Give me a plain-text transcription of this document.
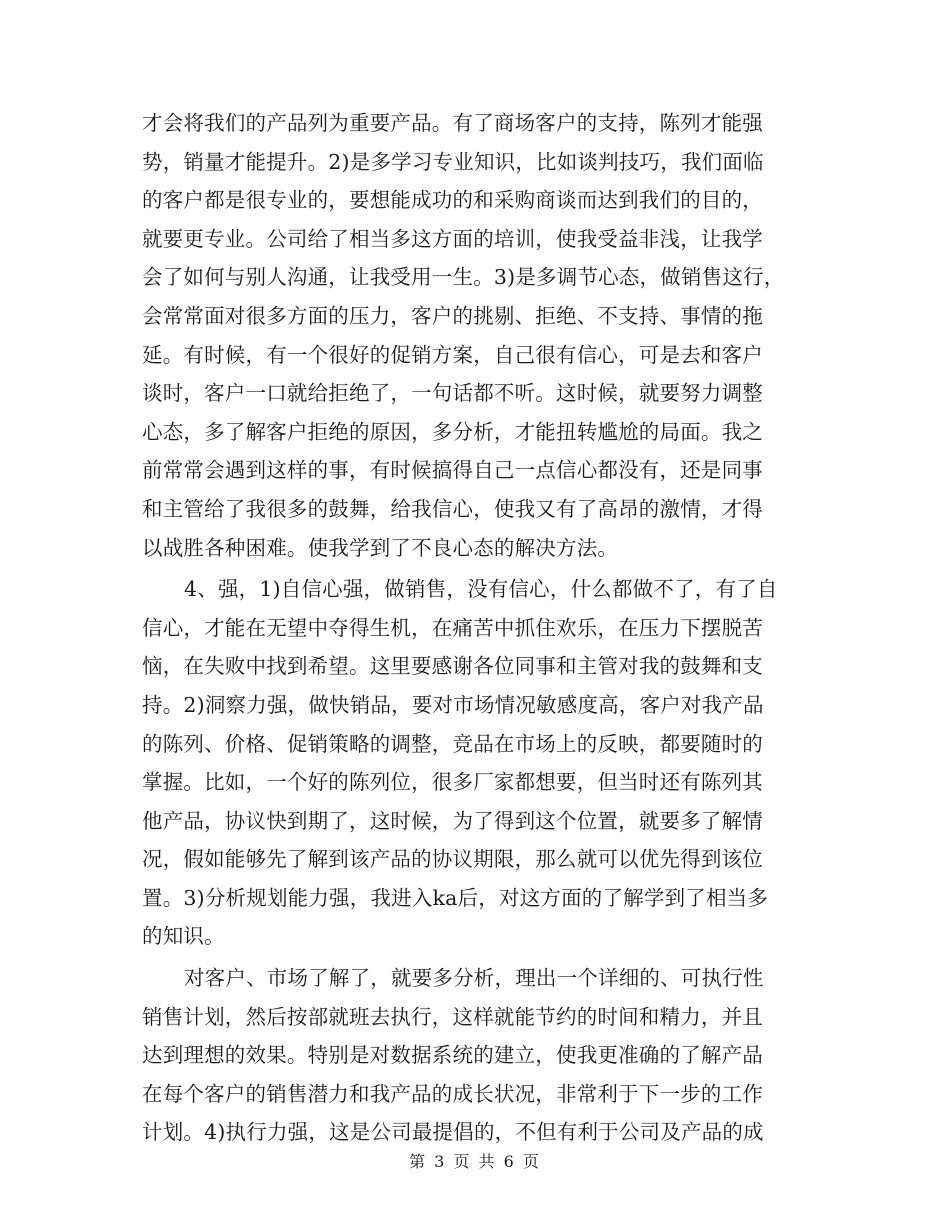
才会将我们的产品列为重要产品。有了商场客户的支持，陈列才能强
势，销量才能提升。2)是多学习专业知识，比如谈判技巧，我们面临
的客户都是很专业的，要想能成功的和采购商谈而达到我们的目的，
就要更专业。公司给了相当多这方面的培训，使我受益非浅，让我学
会了如何与别人沟通，让我受用一生。3)是多调节心态，做销售这行，
会常常面对很多方面的压力，客户的挑剔、拒绝、不支持、事情的拖
延。有时候，有一个很好的促销方案，自己很有信心，可是去和客户
谈时，客户一口就给拒绝了，一句话都不听。这时候，就要努力调整
心态，多了解客户拒绝的原因，多分析，才能扭转尴尬的局面。我之
前常常会遇到这样的事，有时候搞得自己一点信心都没有，还是同事
和主管给了我很多的鼓舞，给我信心，使我又有了高昂的激情，才得
以战胜各种困难。使我学到了不良心态的解决方法。
4、强，1)自信心强，做销售，没有信心，什么都做不了，有了自
信心，才能在无望中夺得生机，在痛苦中抓住欢乐，在压力下摆脱苦
恼，在失败中找到希望。这里要感谢各位同事和主管对我的鼓舞和支
持。2)洞察力强，做快销品，要对市场情况敏感度高，客户对我产品
的陈列、价格、促销策略的调整，竞品在市场上的反映，都要随时的
掌握。比如，一个好的陈列位，很多厂家都想要，但当时还有陈列其
他产品，协议快到期了，这时候，为了得到这个位置，就要多了解情
况，假如能够先了解到该产品的协议期限，那么就可以优先得到该位
置。3)分析规划能力强，我进入ka后，对这方面的了解学到了相当多
的知识。
对客户、市场了解了，就要多分析，理出一个详细的、可执行性
销售计划，然后按部就班去执行，这样就能节约的时间和精力，并且
达到理想的效果。特别是对数据系统的建立，使我更准确的了解产品
在每个客户的销售潜力和我产品的成长状况，非常利于下一步的工作
计划。4)执行力强，这是公司最提倡的，不但有利于公司及产品的成
第 3 页 共 6 页
